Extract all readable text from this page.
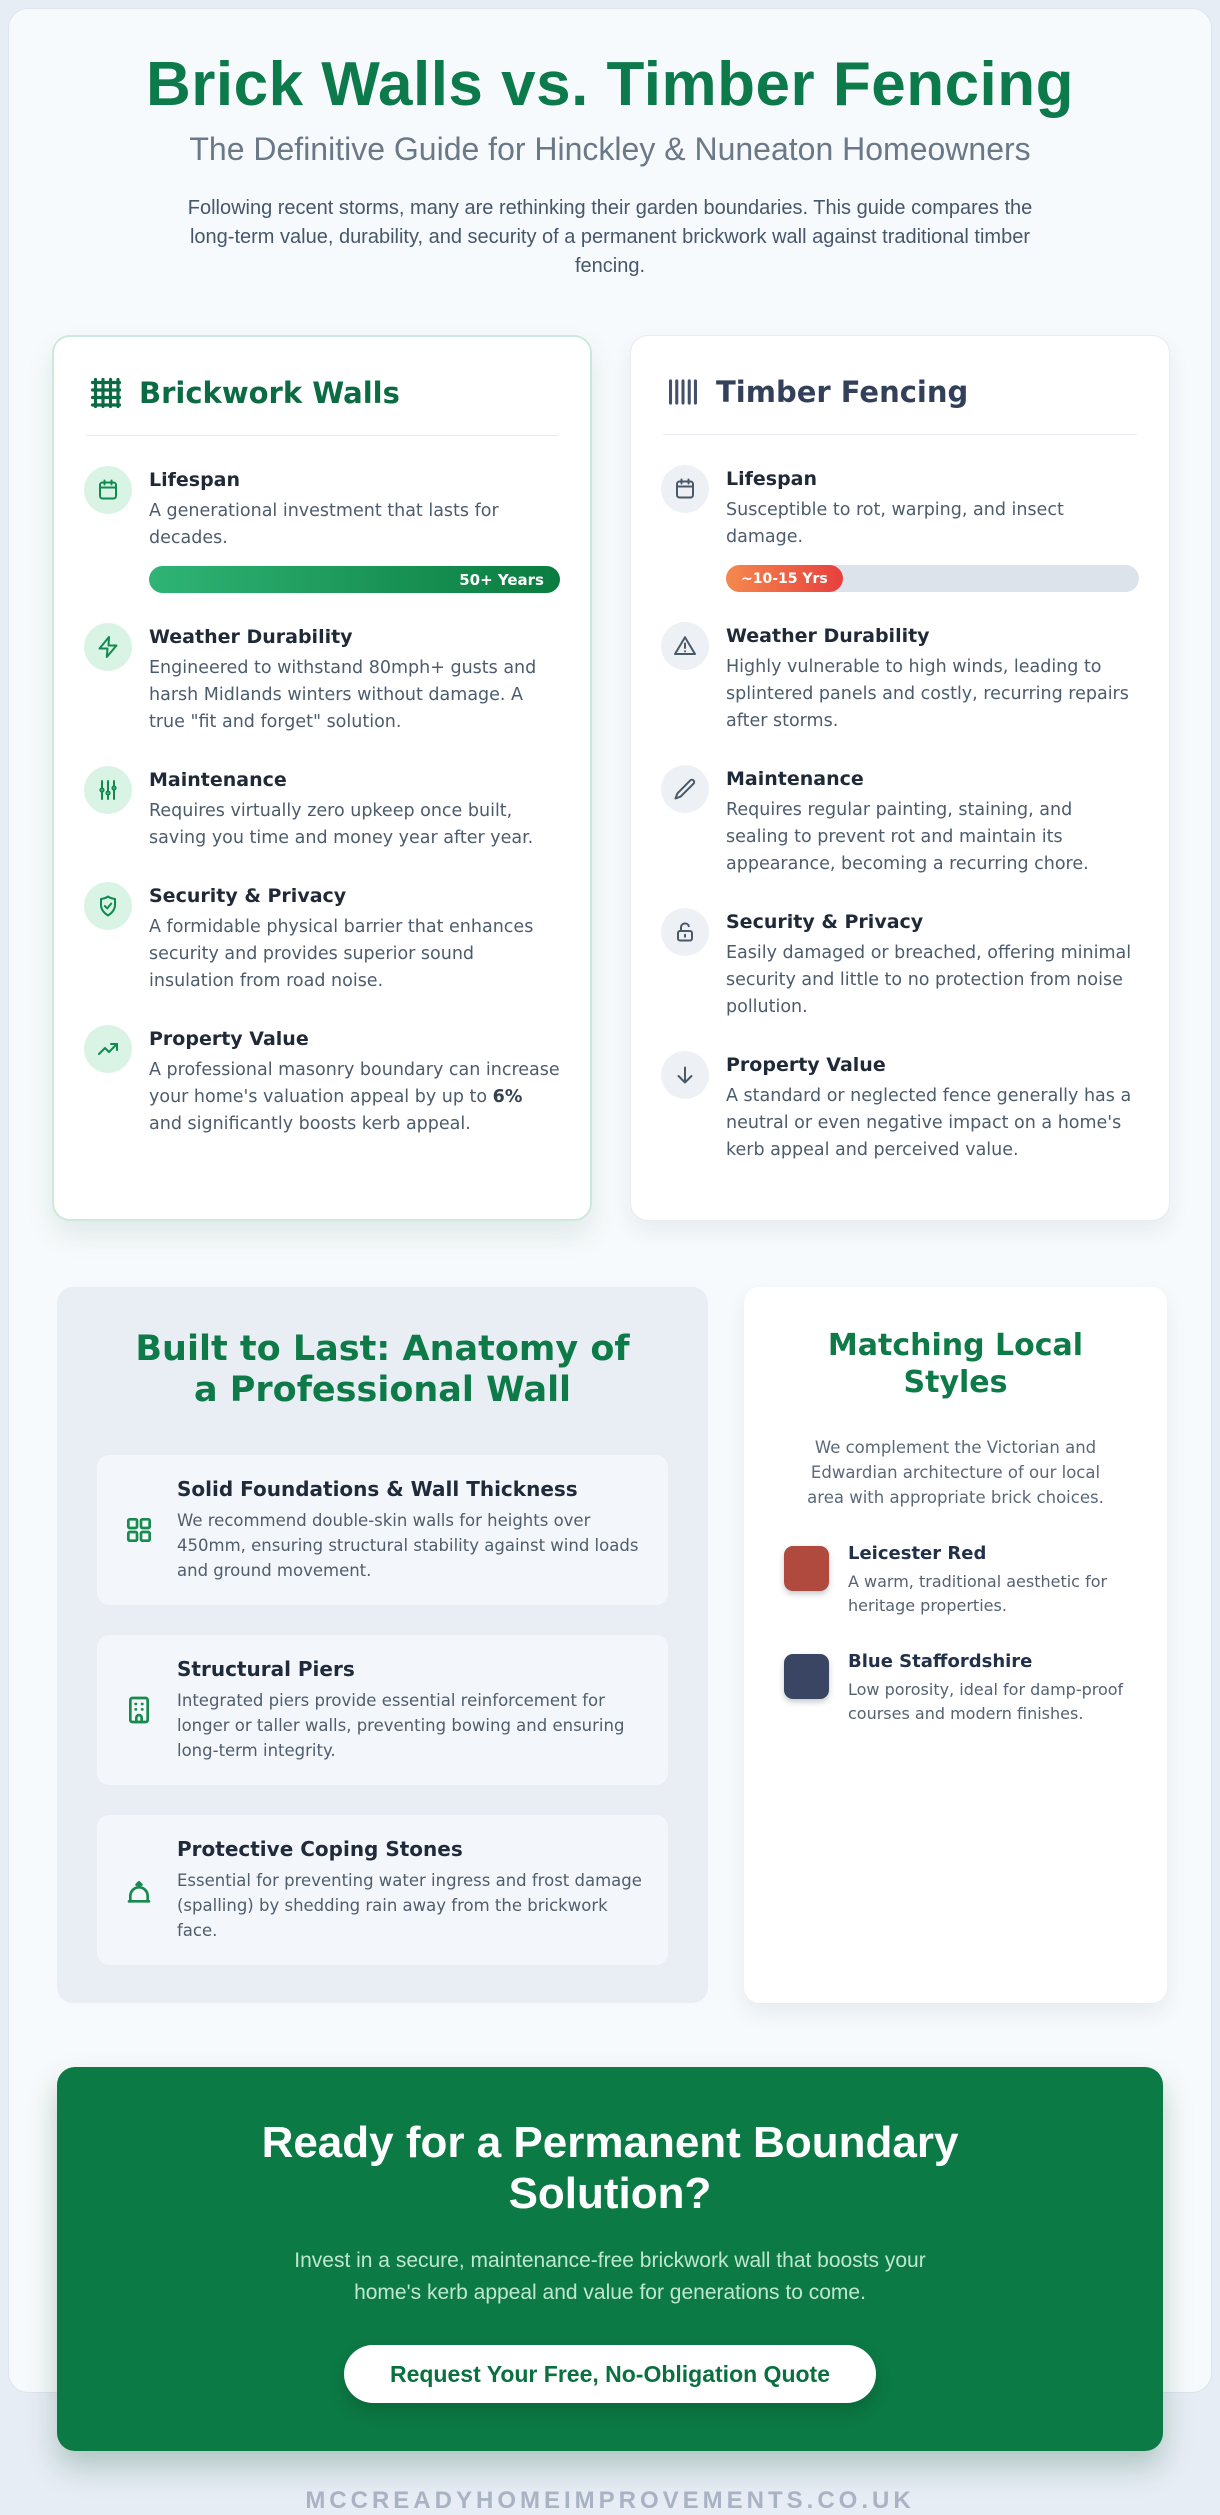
Brick Walls vs. Timber Fencing
The Definitive Guide for Hinckley & Nuneaton Homeowners
Following recent storms, many are rethinking their garden boundaries. This guide compares the long-term value, durability, and security of a permanent brickwork wall against traditional timber fencing.
Brickwork Walls
Lifespan
A generational investment that lasts for decades.
50+ Years
Weather Durability
Engineered to withstand 80mph+ gusts and harsh Midlands winters without damage. A true "fit and forget" solution.
Maintenance
Requires virtually zero upkeep once built, saving you time and money year after year.
Security & Privacy
A formidable physical barrier that enhances security and provides superior sound insulation from road noise.
Property Value
A professional masonry boundary can increase your home's valuation appeal by up to 6% and significantly boosts kerb appeal.
Timber Fencing
Lifespan
Susceptible to rot, warping, and insect damage.
~10-15 Yrs
Weather Durability
Highly vulnerable to high winds, leading to splintered panels and costly, recurring repairs after storms.
Maintenance
Requires regular painting, staining, and sealing to prevent rot and maintain its appearance, becoming a recurring chore.
Security & Privacy
Easily damaged or breached, offering minimal security and little to no protection from noise pollution.
Property Value
A standard or neglected fence generally has a neutral or even negative impact on a home's kerb appeal and perceived value.
Built to Last: Anatomy of a Professional Wall
Solid Foundations & Wall Thickness
We recommend double-skin walls for heights over 450mm, ensuring structural stability against wind loads and ground movement.
Structural Piers
Integrated piers provide essential reinforcement for longer or taller walls, preventing bowing and ensuring long-term integrity.
Protective Coping Stones
Essential for preventing water ingress and frost damage (spalling) by shedding rain away from the brickwork face.
Matching Local Styles
We complement the Victorian and Edwardian architecture of our local area with appropriate brick choices.
Leicester Red
A warm, traditional aesthetic for heritage properties.
Blue Staffordshire
Low porosity, ideal for damp-proof courses and modern finishes.
Ready for a Permanent Boundary Solution?
Invest in a secure, maintenance-free brickwork wall that boosts your home's kerb appeal and value for generations to come.
Request Your Free, No-Obligation Quote
MCCREADYHOMEIMPROVEMENTS.CO.UK
